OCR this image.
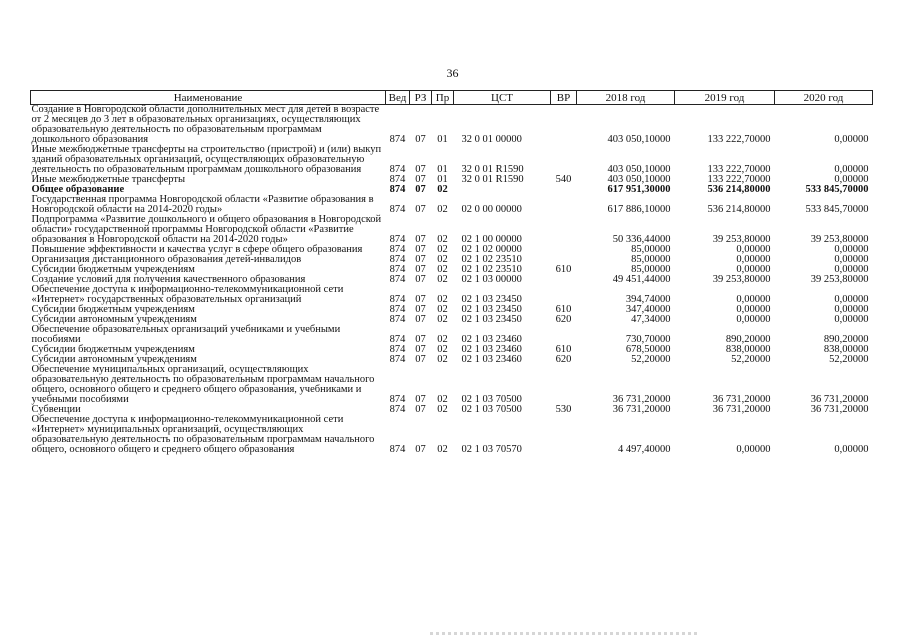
36
Наименование	Вед	РЗ	Пр	ЦСТ	ВР	2018 год	2019 год	2020 год
Создание в Новгородской области дополнительных мест для детей в возрасте от 2 месяцев до 3 лет в образовательных организациях, осуществляющих образовательную деятельность по образовательным программам дошкольного образования	874	07	01	32 0 01 00000		403 050,10000	133 222,70000	0,00000
Иные межбюджетные трансферты на строительство (пристрой) и (или) выкуп зданий образовательных организаций, осуществляющих образовательную деятельность по образовательным программам дошкольного образования	874	07	01	32 0 01 R1590		403 050,10000	133 222,70000	0,00000
Иные межбюджетные трансферты	874	07	01	32 0 01 R1590	540	403 050,10000	133 222,70000	0,00000
Общее образование	874	07	02			617 951,30000	536 214,80000	533 845,70000
Государственная программа Новгородской области «Развитие образования в Новгородской области на 2014-2020 годы»	874	07	02	02 0 00 00000		617 886,10000	536 214,80000	533 845,70000
Подпрограмма «Развитие дошкольного и общего образования в Новгородской области» государственной программы Новгородской области «Развитие образования в Новгородской области на 2014-2020 годы»	874	07	02	02 1 00 00000		50 336,44000	39 253,80000	39 253,80000
Повышение эффективности и качества услуг в сфере общего образования	874	07	02	02 1 02 00000		85,00000	0,00000	0,00000
Организация дистанционного образования детей-инвалидов	874	07	02	02 1 02 23510		85,00000	0,00000	0,00000
Субсидии бюджетным учреждениям	874	07	02	02 1 02 23510	610	85,00000	0,00000	0,00000
Создание условий для получения качественного образования	874	07	02	02 1 03 00000		49 451,44000	39 253,80000	39 253,80000
Обеспечение доступа к информационно-телекоммуникационной сети «Интернет» государственных образовательных организаций	874	07	02	02 1 03 23450		394,74000	0,00000	0,00000
Субсидии бюджетным учреждениям	874	07	02	02 1 03 23450	610	347,40000	0,00000	0,00000
Субсидии автономным учреждениям	874	07	02	02 1 03 23450	620	47,34000	0,00000	0,00000
Обеспечение образовательных организаций учебниками и учебными пособиями	874	07	02	02 1 03 23460		730,70000	890,20000	890,20000
Субсидии бюджетным учреждениям	874	07	02	02 1 03 23460	610	678,50000	838,00000	838,00000
Субсидии автономным учреждениям	874	07	02	02 1 03 23460	620	52,20000	52,20000	52,20000
Обеспечение муниципальных организаций, осуществляющих образовательную деятельность по образовательным программам начального общего, основного общего и среднего общего образования, учебниками и учебными пособиями	874	07	02	02 1 03 70500		36 731,20000	36 731,20000	36 731,20000
Субвенции	874	07	02	02 1 03 70500	530	36 731,20000	36 731,20000	36 731,20000
Обеспечение доступа к информационно-телекоммуникационной сети «Интернет» муниципальных организаций, осуществляющих образовательную деятельность по образовательным программам начального общего, основного общего и среднего общего образования	874	07	02	02 1 03 70570		4 497,40000	0,00000	0,00000
